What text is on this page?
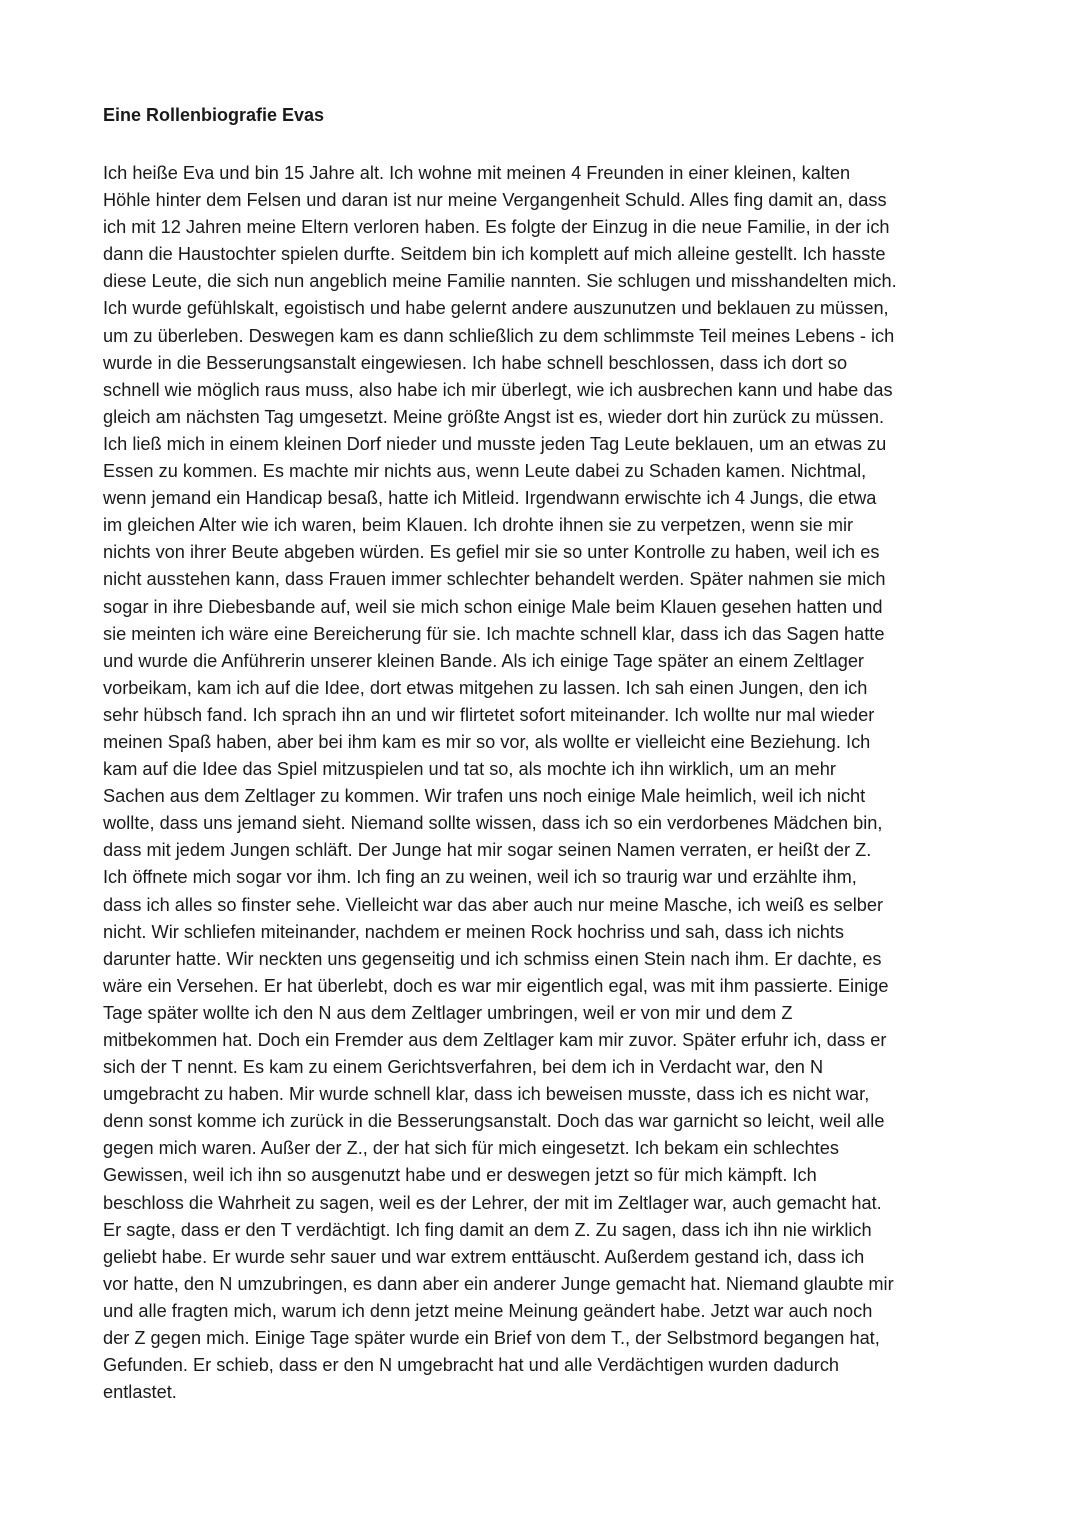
Eine Rollenbiografie Evas
Ich heiße Eva und bin 15 Jahre alt. Ich wohne mit meinen 4 Freunden in einer kleinen, kalten
Höhle hinter dem Felsen und daran ist nur meine Vergangenheit Schuld. Alles fing damit an, dass
ich mit 12 Jahren meine Eltern verloren haben. Es folgte der Einzug in die neue Familie, in der ich
dann die Haustochter spielen durfte. Seitdem bin ich komplett auf mich alleine gestellt. Ich hasste
diese Leute, die sich nun angeblich meine Familie nannten. Sie schlugen und misshandelten mich.
Ich wurde gefühlskalt, egoistisch und habe gelernt andere auszunutzen und beklauen zu müssen,
um zu überleben. Deswegen kam es dann schließlich zu dem schlimmste Teil meines Lebens - ich
wurde in die Besserungsanstalt eingewiesen. Ich habe schnell beschlossen, dass ich dort so
schnell wie möglich raus muss, also habe ich mir überlegt, wie ich ausbrechen kann und habe das
gleich am nächsten Tag umgesetzt. Meine größte Angst ist es, wieder dort hin zurück zu müssen.
Ich ließ mich in einem kleinen Dorf nieder und musste jeden Tag Leute beklauen, um an etwas zu
Essen zu kommen. Es machte mir nichts aus, wenn Leute dabei zu Schaden kamen. Nichtmal,
wenn jemand ein Handicap besaß, hatte ich Mitleid. Irgendwann erwischte ich 4 Jungs, die etwa
im gleichen Alter wie ich waren, beim Klauen. Ich drohte ihnen sie zu verpetzen, wenn sie mir
nichts von ihrer Beute abgeben würden. Es gefiel mir sie so unter Kontrolle zu haben, weil ich es
nicht ausstehen kann, dass Frauen immer schlechter behandelt werden. Später nahmen sie mich
sogar in ihre Diebesbande auf, weil sie mich schon einige Male beim Klauen gesehen hatten und
sie meinten ich wäre eine Bereicherung für sie. Ich machte schnell klar, dass ich das Sagen hatte
und wurde die Anführerin unserer kleinen Bande. Als ich einige Tage später an einem Zeltlager
vorbeikam, kam ich auf die Idee, dort etwas mitgehen zu lassen. Ich sah einen Jungen, den ich
sehr hübsch fand. Ich sprach ihn an und wir flirtetet sofort miteinander. Ich wollte nur mal wieder
meinen Spaß haben, aber bei ihm kam es mir so vor, als wollte er vielleicht eine Beziehung. Ich
kam auf die Idee das Spiel mitzuspielen und tat so, als mochte ich ihn wirklich, um an mehr
Sachen aus dem Zeltlager zu kommen. Wir trafen uns noch einige Male heimlich, weil ich nicht
wollte, dass uns jemand sieht. Niemand sollte wissen, dass ich so ein verdorbenes Mädchen bin,
dass mit jedem Jungen schläft. Der Junge hat mir sogar seinen Namen verraten, er heißt der Z.
Ich öffnete mich sogar vor ihm. Ich fing an zu weinen, weil ich so traurig war und erzählte ihm,
dass ich alles so finster sehe. Vielleicht war das aber auch nur meine Masche, ich weiß es selber
nicht. Wir schliefen miteinander, nachdem er meinen Rock hochriss und sah, dass ich nichts
darunter hatte. Wir neckten uns gegenseitig und ich schmiss einen Stein nach ihm. Er dachte, es
wäre ein Versehen. Er hat überlebt, doch es war mir eigentlich egal, was mit ihm passierte. Einige
Tage später wollte ich den N aus dem Zeltlager umbringen, weil er von mir und dem Z
mitbekommen hat. Doch ein Fremder aus dem Zeltlager kam mir zuvor. Später erfuhr ich, dass er
sich der T nennt. Es kam zu einem Gerichtsverfahren, bei dem ich in Verdacht war, den N
umgebracht zu haben. Mir wurde schnell klar, dass ich beweisen musste, dass ich es nicht war,
denn sonst komme ich zurück in die Besserungsanstalt. Doch das war garnicht so leicht, weil alle
gegen mich waren. Außer der Z., der hat sich für mich eingesetzt. Ich bekam ein schlechtes
Gewissen, weil ich ihn so ausgenutzt habe und er deswegen jetzt so für mich kämpft. Ich
beschloss die Wahrheit zu sagen, weil es der Lehrer, der mit im Zeltlager war, auch gemacht hat.
Er sagte, dass er den T verdächtigt. Ich fing damit an dem Z. Zu sagen, dass ich ihn nie wirklich
geliebt habe. Er wurde sehr sauer und war extrem enttäuscht. Außerdem gestand ich, dass ich
vor hatte, den N umzubringen, es dann aber ein anderer Junge gemacht hat. Niemand glaubte mir
und alle fragten mich, warum ich denn jetzt meine Meinung geändert habe. Jetzt war auch noch
der Z gegen mich. Einige Tage später wurde ein Brief von dem T., der Selbstmord begangen hat,
Gefunden. Er schieb, dass er den N umgebracht hat und alle Verdächtigen wurden dadurch
entlastet.
